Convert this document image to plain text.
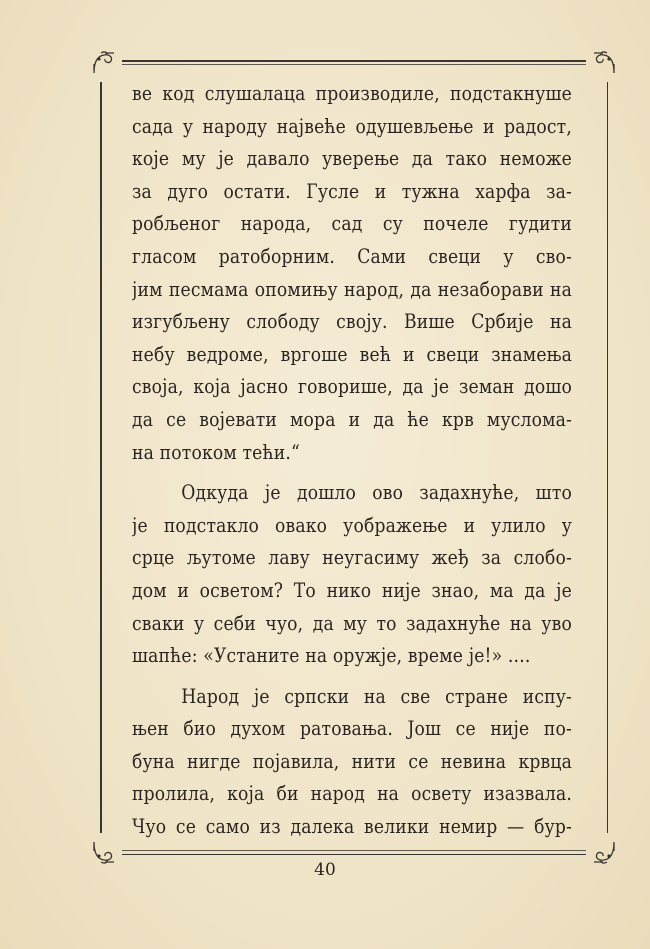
ве код слушалаца производиле, подстакнуше
сада у народу највеће одушевљење и радост,
које му је давало уверење да тако неможе
за дуго остати. Гусле и тужна харфа за-
робљеног народа, сад су почеле гудити
гласом ратоборним. Сами свеци у сво-
јим песмама опомињу народ, да незаборави на
изгубљену слободу своју. Више Србије на
небу ведроме, вргоше већ и свеци знамења
своја, која јасно говорише, да је земан дошо
да се војевати мора и да ће крв муслома-
на потоком тећи.“
Одкуда је дошло ово задахнуће, што
је подстакло овако уображење и улило у
срце љутоме лаву неугасиму жеђ за слобо-
дом и осветом? То нико није знао, ма да је
сваки у себи чуо, да му то задахнуће на уво
шапће: «Устаните на оружје, време је!» ....
Народ је српски на све стране испу-
њен био духом ратовања. Још се није по-
буна нигде појавила, нити се невина крвца
пролила, која би народ на освету изазвала.
Чуо се само из далека велики немир — бур-
40
